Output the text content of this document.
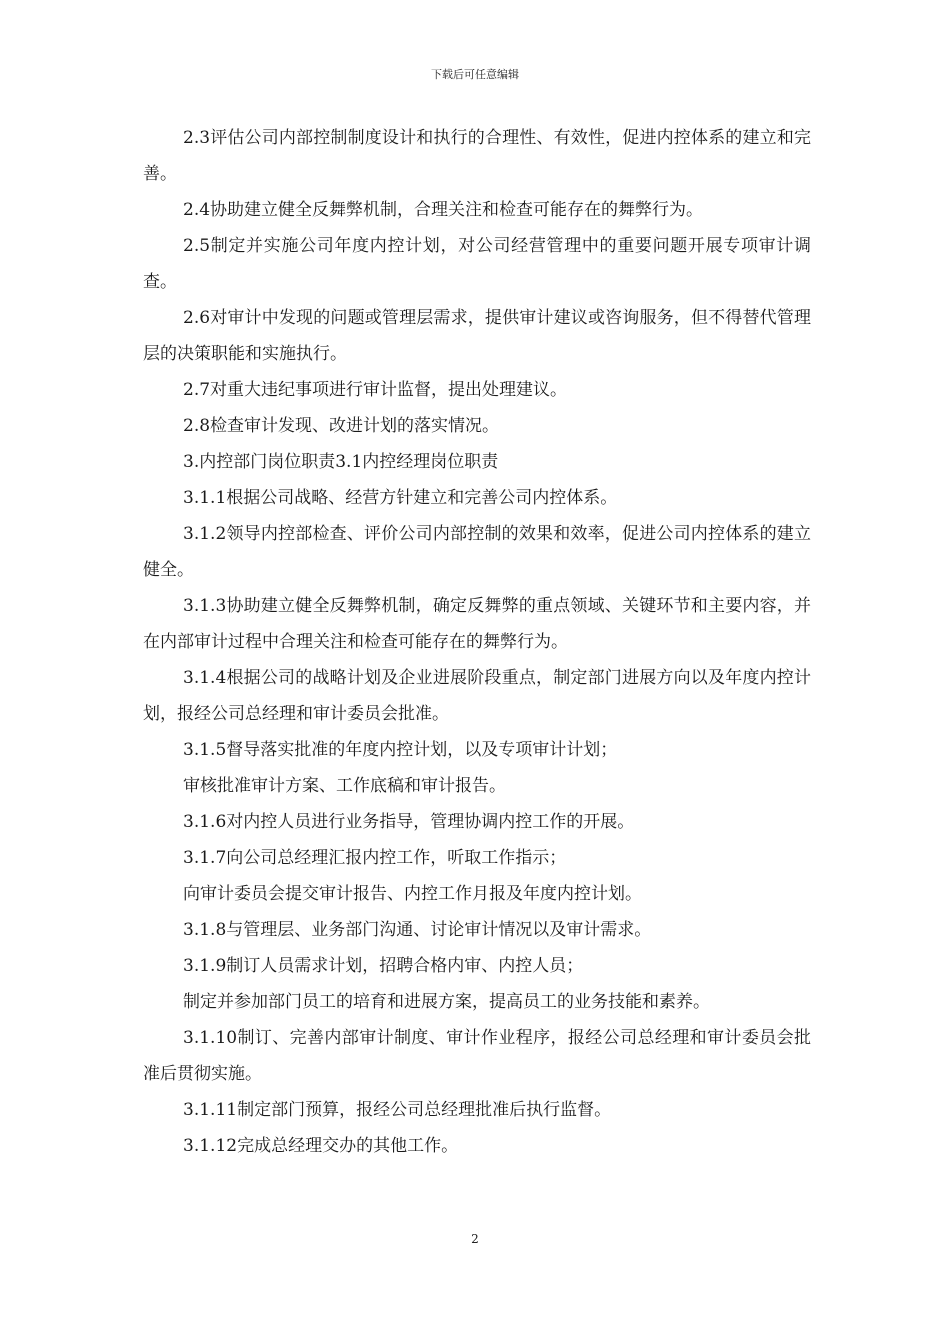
下载后可任意编辑

2.3评估公司内部控制制度设计和执行的合理性、有效性，促进内控体系的建立和完善。

2.4协助建立健全反舞弊机制，合理关注和检查可能存在的舞弊行为。

2.5制定并实施公司年度内控计划，对公司经营管理中的重要问题开展专项审计调查。

2.6对审计中发现的问题或管理层需求，提供审计建议或咨询服务，但不得替代管理层的决策职能和实施执行。

2.7对重大违纪事项进行审计监督，提出处理建议。

2.8检查审计发现、改进计划的落实情况。

3.内控部门岗位职责3.1内控经理岗位职责

3.1.1根据公司战略、经营方针建立和完善公司内控体系。

3.1.2领导内控部检查、评价公司内部控制的效果和效率，促进公司内控体系的建立健全。

3.1.3协助建立健全反舞弊机制，确定反舞弊的重点领域、关键环节和主要内容，并在内部审计过程中合理关注和检查可能存在的舞弊行为。

3.1.4根据公司的战略计划及企业进展阶段重点，制定部门进展方向以及年度内控计划，报经公司总经理和审计委员会批准。

3.1.5督导落实批准的年度内控计划，以及专项审计计划；

审核批准审计方案、工作底稿和审计报告。

3.1.6对内控人员进行业务指导，管理协调内控工作的开展。

3.1.7向公司总经理汇报内控工作，听取工作指示；

向审计委员会提交审计报告、内控工作月报及年度内控计划。

3.1.8与管理层、业务部门沟通、讨论审计情况以及审计需求。

3.1.9制订人员需求计划，招聘合格内审、内控人员；

制定并参加部门员工的培育和进展方案，提高员工的业务技能和素养。

3.1.10制订、完善内部审计制度、审计作业程序，报经公司总经理和审计委员会批准后贯彻实施。

3.1.11制定部门预算，报经公司总经理批准后执行监督。

3.1.12完成总经理交办的其他工作。

2
